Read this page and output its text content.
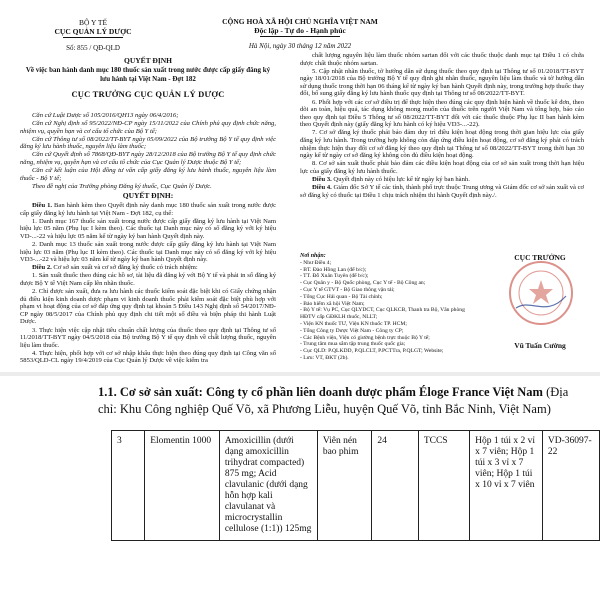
BỘ Y TẾ
CỤC QUẢN LÝ DƯỢC
Số: 855 / QĐ-QLD
CỘNG HOÀ XÃ HỘI CHỦ NGHĨA VIỆT NAM
Độc lập - Tự do - Hạnh phúc
Hà Nội, ngày 30 tháng 12 năm 2022
QUYẾT ĐỊNH
Về việc ban hành danh mục 180 thuốc sản xuất trong nước được cấp giấy đăng ký lưu hành tại Việt Nam - Đợt 182
CỤC TRƯỞNG CỤC QUẢN LÝ DƯỢC

Căn cứ Luật Dược số 105/2016/QH13 ngày 06/4/2016;

Căn cứ Nghị định số 95/2022/NĐ-CP ngày 15/11/2022 của Chính phủ quy định chức năng, nhiệm vụ, quyền hạn và cơ cấu tổ chức của Bộ Y tế;

Căn cứ Thông tư số 08/2022/TT-BYT ngày 05/09/2022 của Bộ trưởng Bộ Y tế quy định việc đăng ký lưu hành thuốc, nguyên liệu làm thuốc;

Căn cứ Quyết định số 7868/QĐ-BYT ngày 28/12/2018 của Bộ trưởng Bộ Y tế quy định chức năng, nhiệm vụ, quyền hạn và cơ cấu tổ chức của Cục Quản lý Dược thuộc Bộ Y tế;

Căn cứ kết luận của Hội đồng tư vấn cấp giấy đăng ký lưu hành thuốc, nguyên liệu làm thuốc - Bộ Y tế;

Theo đề nghị của Trưởng phòng Đăng ký thuốc, Cục Quản lý Dược.

QUYẾT ĐỊNH:

Điều 1. Ban hành kèm theo Quyết định này danh mục 180 thuốc sản xuất trong nước được cấp giấy đăng ký lưu hành tại Việt Nam - Đợt 182, cụ thể:

1. Danh mục 167 thuốc sản xuất trong nước được cấp giấy đăng ký lưu hành tại Việt Nam hiệu lực 05 năm (Phụ lục I kèm theo). Các thuốc tại Danh mục này có số đăng ký với ký hiệu VD-...-22 và hiệu lực 05 năm kể từ ngày ký ban hành Quyết định này.

2. Danh mục 13 thuốc sản xuất trong nước được cấp giấy đăng ký lưu hành tại Việt Nam hiệu lực 03 năm (Phụ lục II kèm theo). Các thuốc tại Danh mục này có số đăng ký với ký hiệu VD3-...-22 và hiệu lực 03 năm kể từ ngày ký ban hành Quyết định này.

Điều 2. Cơ sở sản xuất và cơ sở đăng ký thuốc có trách nhiệm:

1. Sản xuất thuốc theo đúng các hồ sơ, tài liệu đã đăng ký với Bộ Y tế và phải in số đăng ký được Bộ Y tế Việt Nam cấp lên nhãn thuốc.

2. Chỉ được sản xuất, đưa ra lưu hành các thuốc kiểm soát đặc biệt khi có Giấy chứng nhận đủ điều kiện kinh doanh dược phạm vi kinh doanh thuốc phải kiểm soát đặc biệt phù hợp với phạm vi hoạt động của cơ sở đáp ứng quy định tại khoản 5 Điều 143 Nghị định số 54/2017/NĐ-CP ngày 08/5/2017 của Chính phủ quy định chi tiết một số điều và biện pháp thi hành Luật Dược.

3. Thực hiện việc cập nhật tiêu chuẩn chất lượng của thuốc theo quy định tại Thông tư số 11/2018/TT-BYT ngày 04/5/2018 của Bộ trưởng Bộ Y tế quy định về chất lượng thuốc, nguyên liệu làm thuốc.

4. Thực hiện, phối hợp với cơ sở nhập khẩu thực hiện theo đúng quy định tại Công văn số 5853/QLD-CL ngày 19/4/2019 của Cục Quản lý Dược về việc kiểm tra

chất lượng nguyên liệu làm thuốc nhóm sartan đối với các thuốc thuộc danh mục tại Điều 1 có chứa dược chất thuộc nhóm sartan.

5. Cập nhật nhãn thuốc, tờ hướng dẫn sử dụng thuốc theo quy định tại Thông tư số 01/2018/TT-BYT ngày 18/01/2018 của Bộ trưởng Bộ Y tế quy định ghi nhãn thuốc, nguyên liệu làm thuốc và tờ hướng dẫn sử dụng thuốc trong thời hạn 06 tháng kể từ ngày ký ban hành Quyết định này, trong trường hợp thuốc thay đổi, bổ sung giấy đăng ký lưu hành thuốc quy định tại Thông tư số 08/2022/TT-BYT.

6. Phối hợp với các cơ sở điều trị để thực hiện theo đúng các quy định hiện hành về thuốc kê đơn, theo dõi an toàn, hiệu quả, tác dụng không mong muốn của thuốc trên người Việt Nam và tổng hợp, báo cáo theo quy định tại Điều 5 Thông tư số 08/2022/TT-BYT đối với các thuốc thuộc Phụ lục II ban hành kèm theo Quyết định này (giấy đăng ký lưu hành có ký hiệu VD3-...-22).

7. Cơ sở đăng ký thuốc phải bảo đảm duy trì điều kiện hoạt động trong thời gian hiệu lực của giấy đăng ký lưu hành. Trong trường hợp không còn đáp ứng điều kiện hoạt động, cơ sở đăng ký phải có trách nhiệm thực hiện thay đổi cơ sở đăng ký theo quy định tại Thông tư số 08/2022/TT-BYT trong thời hạn 30 ngày kể từ ngày cơ sở đăng ký không còn đủ điều kiện hoạt động.

8. Cơ sở sản xuất thuốc phải bảo đảm các điều kiện hoạt động của cơ sở sản xuất trong thời hạn hiệu lực của giấy đăng ký lưu hành thuốc.

Điều 3. Quyết định này có hiệu lực kể từ ngày ký ban hành.

Điều 4. Giám đốc Sở Y tế các tỉnh, thành phố trực thuộc Trung ương và Giám đốc cơ sở sản xuất và cơ sở đăng ký có thuốc tại Điều 1 chịu trách nhiệm thi hành Quyết định này./.

Nơi nhận:
- Như Điều 4;
- BT. Đào Hồng Lan (để b/c);
- TT. Đỗ Xuân Tuyên (để b/c);
- Cục Quân y - Bộ Quốc phòng, Cục Y tế - Bộ Công an;
- Cục Y tế GTVT - Bộ Giao thông vận tải;
- Tổng Cục Hải quan - Bộ Tài chính;
- Bảo hiểm xã hội Việt Nam;
- Bộ Y tế: Vụ PC, Cục QLYDCT, Cục QLKCB, Thanh tra Bộ, Văn phòng HĐTV cấp GĐKLH thuốc, NLLT;
- Viện KN thuốc TƯ, Viện KN thuốc TP. HCM;
- Tổng Công ty Dược Việt Nam - Công ty CP;
- Các Bệnh viện, Viện có giường bệnh trực thuộc Bộ Y tế;
- Trung tâm mua sắm tập trung thuốc quốc gia;
- Cục QLD: P.QLKDD, P.QLCLT, P.PCTTra, P.QLGT; Website;
- Lưu: VT, ĐKT (2b).
CỤC TRƯỞNG
Vũ Tuấn Cường
1.1. Cơ sở sản xuất: Công ty cổ phần liên doanh dược phẩm Éloge France Việt Nam (Địa chỉ: Khu Công nghiệp Quế Võ, xã Phương Liễu, huyện Quế Võ, tỉnh Bắc Ninh, Việt Nam)
3	Elomentin 1000	Amoxicillin (dưới dạng amoxicillin trihydrat compacted) 875 mg; Acid clavulanic (dưới dạng hỗn hợp kali clavulanat và microcrystallin cellulose (1:1)) 125mg	Viên nén bao phim	24	TCCS	Hộp 1 túi x 2 vỉ x 7 viên; Hộp 1 túi x 3 vỉ x 7 viên; Hộp 1 túi x 10 vỉ x 7 viên	VD-36097-22
